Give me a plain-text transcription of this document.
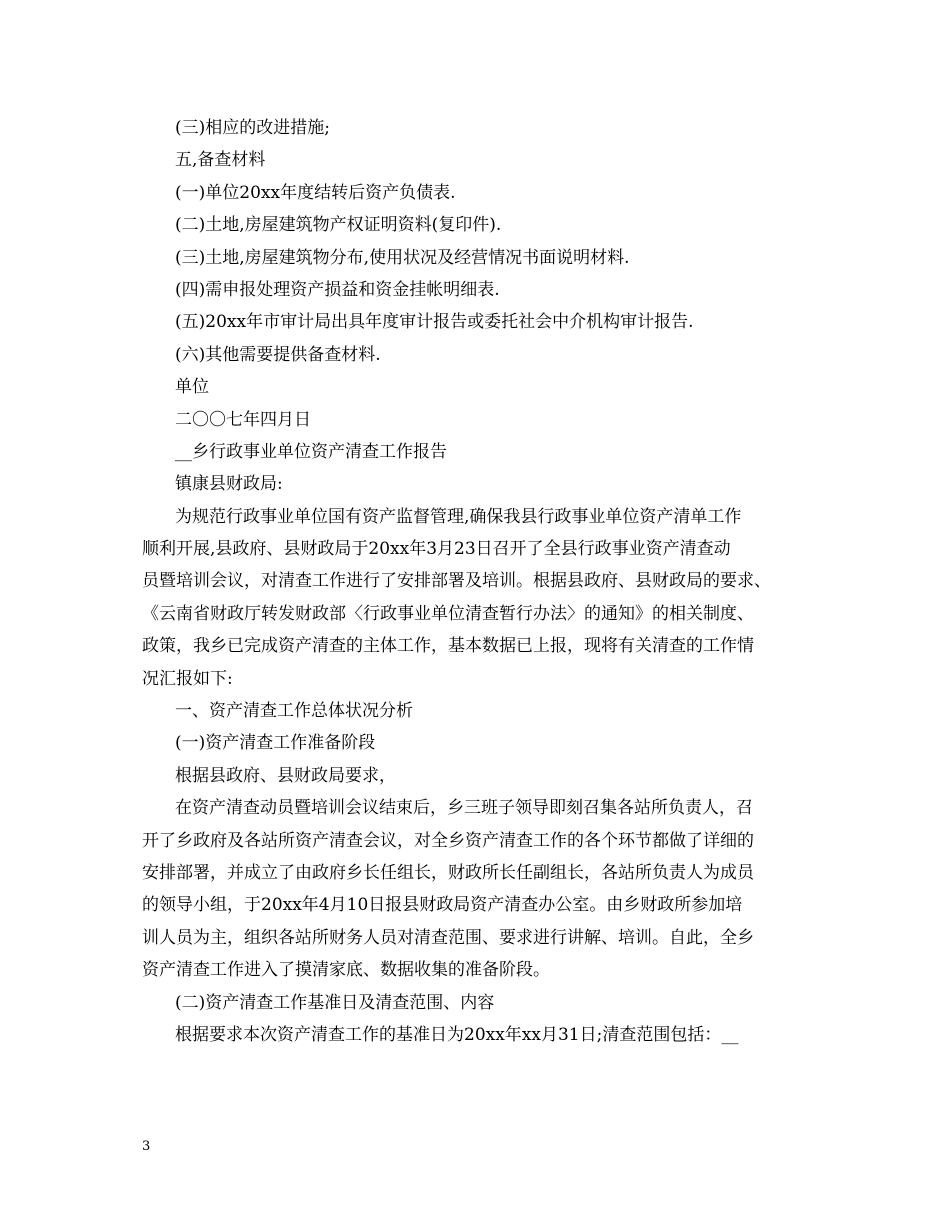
(三)相应的改进措施;
五,备查材料
(一)单位20xx年度结转后资产负债表.
(二)土地,房屋建筑物产权证明资料(复印件).
(三)土地,房屋建筑物分布,使用状况及经营情况书面说明材料.
(四)需申报处理资产损益和资金挂帐明细表.
(五)20xx年市审计局出具年度审计报告或委托社会中介机构审计报告.
(六)其他需要提供备查材料.
单位
二〇〇七年四月日
__乡行政事业单位资产清查工作报告
镇康县财政局:
为规范行政事业单位国有资产监督管理,确保我县行政事业单位资产清单工作
顺利开展,县政府、县财政局于20xx年3月23日召开了全县行政事业资产清查动
员暨培训会议，对清查工作进行了安排部署及培训。根据县政府、县财政局的要求、
《云南省财政厅转发财政部〈行政事业单位清查暂行办法〉的通知》的相关制度、
政策，我乡已完成资产清查的主体工作，基本数据已上报，现将有关清查的工作情
况汇报如下:
一、资产清查工作总体状况分析
(一)资产清查工作准备阶段
根据县政府、县财政局要求，
在资产清查动员暨培训会议结束后，乡三班子领导即刻召集各站所负责人，召
开了乡政府及各站所资产清查会议，对全乡资产清查工作的各个环节都做了详细的
安排部署，并成立了由政府乡长任组长，财政所长任副组长，各站所负责人为成员
的领导小组，于20xx年4月10日报县财政局资产清查办公室。由乡财政所参加培
训人员为主，组织各站所财务人员对清查范围、要求进行讲解、培训。自此，全乡
资产清查工作进入了摸清家底、数据收集的准备阶段。
(二)资产清查工作基准日及清查范围、内容
根据要求本次资产清查工作的基准日为20xx年xx月31日;清查范围包括：__
3
